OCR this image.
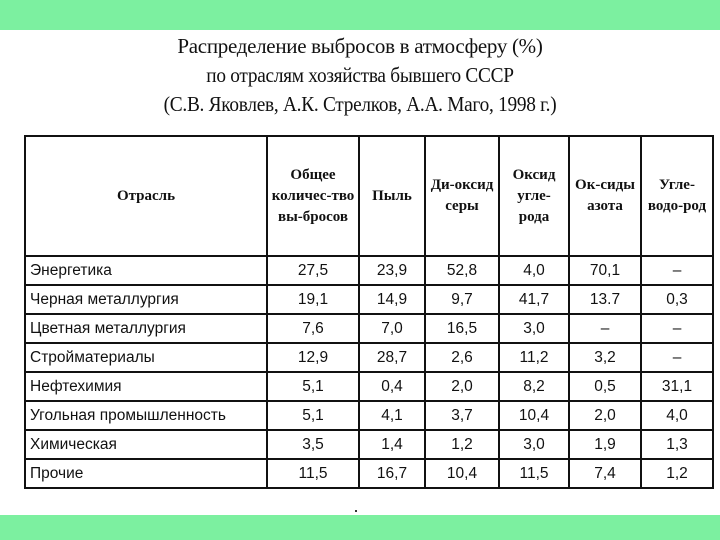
Распределение выбросов в атмосферу (%)
по отраслям хозяйства бывшего СССР
(С.В. Яковлев, А.К. Стрелков, А.А. Маго, 1998 г.)
Отрасль	Общее количес-тво вы-бросов	Пыль	Ди-оксид серы	Оксид угле-рода	Ок-сиды азота	Угле-водо-род
Энергетика	27,5	23,9	52,8	4,0	70,1	–
Черная металлургия	19,1	14,9	9,7	41,7	13.7	0,3
Цветная металлургия	7,6	7,0	16,5	3,0	–	–
Стройматериалы	12,9	28,7	2,6	11,2	3,2	–
Нефтехимия	5,1	0,4	2,0	8,2	0,5	31,1
Угольная промышленность	5,1	4,1	3,7	10,4	2,0	4,0
Химическая	3,5	1,4	1,2	3,0	1,9	1,3
Прочие	11,5	16,7	10,4	11,5	7,4	1,2
